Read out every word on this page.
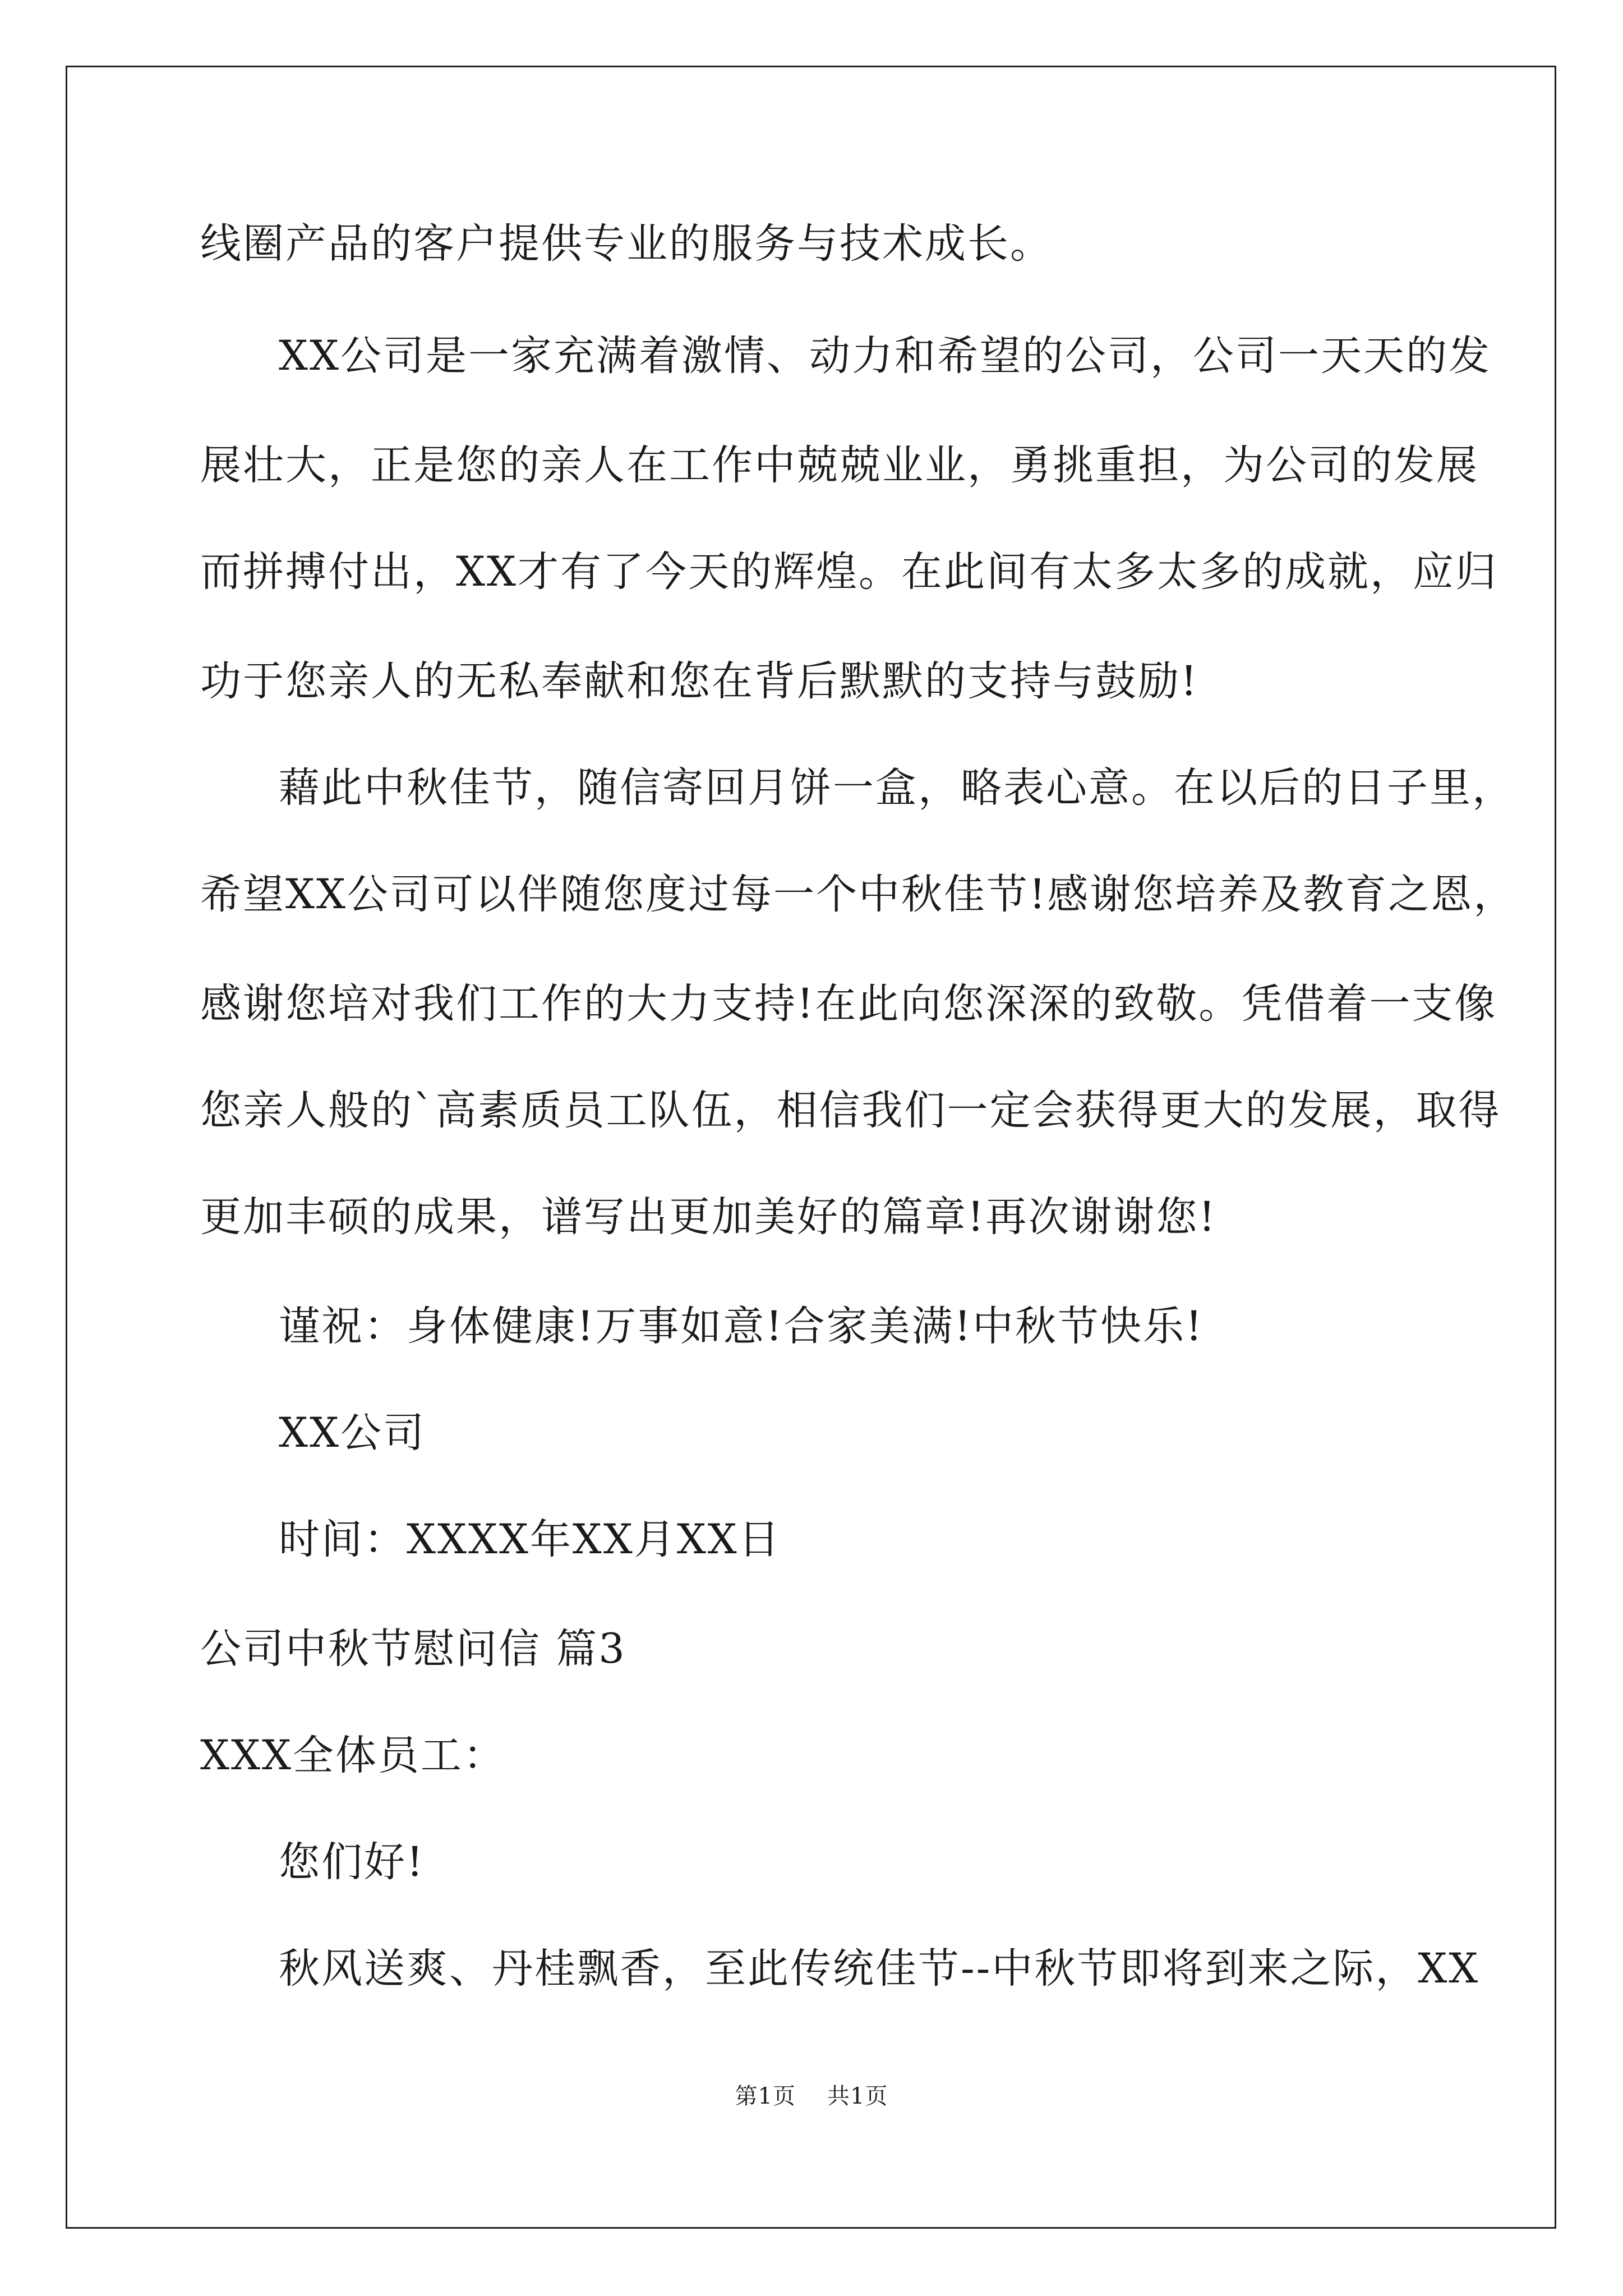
线圈产品的客户提供专业的服务与技术成长。
XX公司是一家充满着激情、动力和希望的公司，公司一天天的发
展壮大，正是您的亲人在工作中兢兢业业，勇挑重担，为公司的发展
而拼搏付出，XX才有了今天的辉煌。在此间有太多太多的成就，应归
功于您亲人的无私奉献和您在背后默默的支持与鼓励!
藉此中秋佳节，随信寄回月饼一盒，略表心意。在以后的日子里，
希望XX公司可以伴随您度过每一个中秋佳节!感谢您培养及教育之恩，
感谢您培对我们工作的大力支持!在此向您深深的致敬。凭借着一支像
您亲人般的`高素质员工队伍，相信我们一定会获得更大的发展，取得
更加丰硕的成果，谱写出更加美好的篇章!再次谢谢您!
谨祝：身体健康!万事如意!合家美满!中秋节快乐!
XX公司
时间：XXXX年XX月XX日
公司中秋节慰问信 篇3
XXX全体员工：
您们好!
秋风送爽、丹桂飘香，至此传统佳节--中秋节即将到来之际，XX
第1页 共1页
